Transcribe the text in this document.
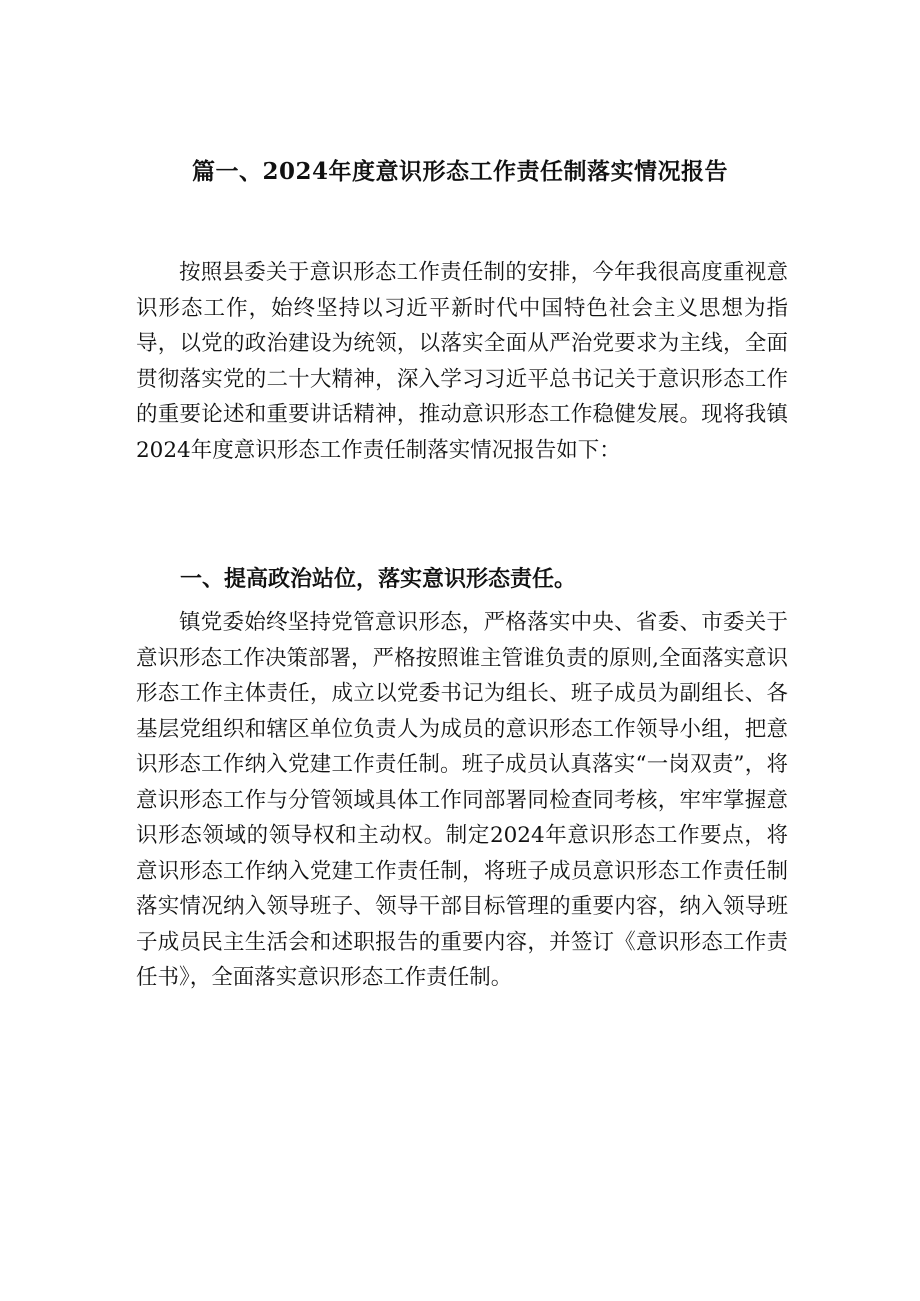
篇一、2024年度意识形态工作责任制落实情况报告

按照县委关于意识形态工作责任制的安排，今年我很高度重视意识形态工作，始终坚持以习近平新时代中国特色社会主义思想为指导，以党的政治建设为统领，以落实全面从严治党要求为主线，全面贯彻落实党的二十大精神，深入学习习近平总书记关于意识形态工作的重要论述和重要讲话精神，推动意识形态工作稳健发展。现将我镇2024年度意识形态工作责任制落实情况报告如下：

一、提高政治站位，落实意识形态责任。

镇党委始终坚持党管意识形态，严格落实中央、省委、市委关于意识形态工作决策部署，严格按照谁主管谁负责的原则,全面落实意识形态工作主体责任，成立以党委书记为组长、班子成员为副组长、各基层党组织和辖区单位负责人为成员的意识形态工作领导小组，把意识形态工作纳入党建工作责任制。班子成员认真落实“一岗双责”，将意识形态工作与分管领域具体工作同部署同检查同考核，牢牢掌握意识形态领域的领导权和主动权。制定2024年意识形态工作要点，将意识形态工作纳入党建工作责任制，将班子成员意识形态工作责任制落实情况纳入领导班子、领导干部目标管理的重要内容，纳入领导班子成员民主生活会和述职报告的重要内容，并签订《意识形态工作责任书》，全面落实意识形态工作责任制。
